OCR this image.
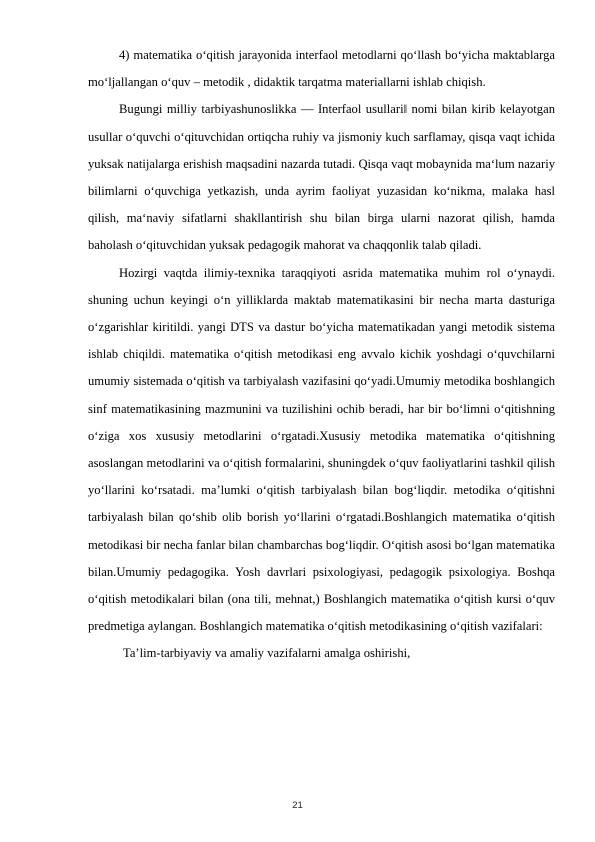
4) matematika o‘qitish jarayonida interfaol metodlarni qo‘llash bo‘yicha maktablarga mo‘ljallangan o‘quv – metodik , didaktik tarqatma materiallarni ishlab chiqish.

Bugungi milliy tarbiyashunoslikka — Interfaol usullari‖ nomi bilan kirib kelayotgan usullar o‘quvchi o‘qituvchidan ortiqcha ruhiy va jismoniy kuch sarflamay, qisqa vaqt ichida yuksak natijalarga erishish maqsadini nazarda tutadi. Qisqa vaqt mobaynida ma‘lum nazariy bilimlarni o‘quvchiga yetkazish, unda ayrim faoliyat yuzasidan ko‘nikma, malaka hasl qilish, ma‘naviy sifatlarni shakllantirish shu bilan birga ularni nazorat qilish, hamda baholash o‘qituvchidan yuksak pedagogik mahorat va chaqqonlik talab qiladi.

Hozirgi vaqtda ilimiy-texnika taraqqiyoti asrida matematika muhim rol o‘ynaydi. shuning uchun keyingi o‘n yilliklarda maktab matematikasini bir necha marta dasturiga o‘zgarishlar kiritildi. yangi DTS va dastur bo‘yicha matematikadan yangi metodik sistema ishlab chiqildi. matematika o‘qitish metodikasi eng avvalo kichik yoshdagi o‘quvchilarni umumiy sistemada o‘qitish va tarbiyalash vazifasini qo‘yadi.Umumiy metodika boshlangich sinf matematikasining mazmunini va tuzilishini ochib beradi, har bir bo‘limni o‘qitishning o‘ziga xos xususiy metodlarini o‘rgatadi.Xususiy metodika matematika o‘qitishning asoslangan metodlarini va o‘qitish formalarini, shuningdek o‘quv faoliyatlarini tashkil qilish yo‘llarini ko‘rsatadi. ma’lumki o‘qitish tarbiyalash bilan bog‘liqdir. metodika o‘qitishni tarbiyalash bilan qo‘shib olib borish yo‘llarini o‘rgatadi.Boshlangich matematika o‘qitish metodikasi bir necha fanlar bilan chambarchas bog‘liqdir. O‘qitish asosi bo‘lgan matematika bilan.Umumiy pedagogika. Yosh davrlari psixologiyasi, pedagogik psixologiya. Boshqa o‘qitish metodikalari bilan (ona tili, mehnat,) Boshlangich matematika o‘qitish kursi o‘quv predmetiga aylangan. Boshlangich matematika o‘qitish metodikasining o‘qitish vazifalari:

Ta’lim-tarbiyaviy va amaliy vazifalarni amalga oshirishi,

21
